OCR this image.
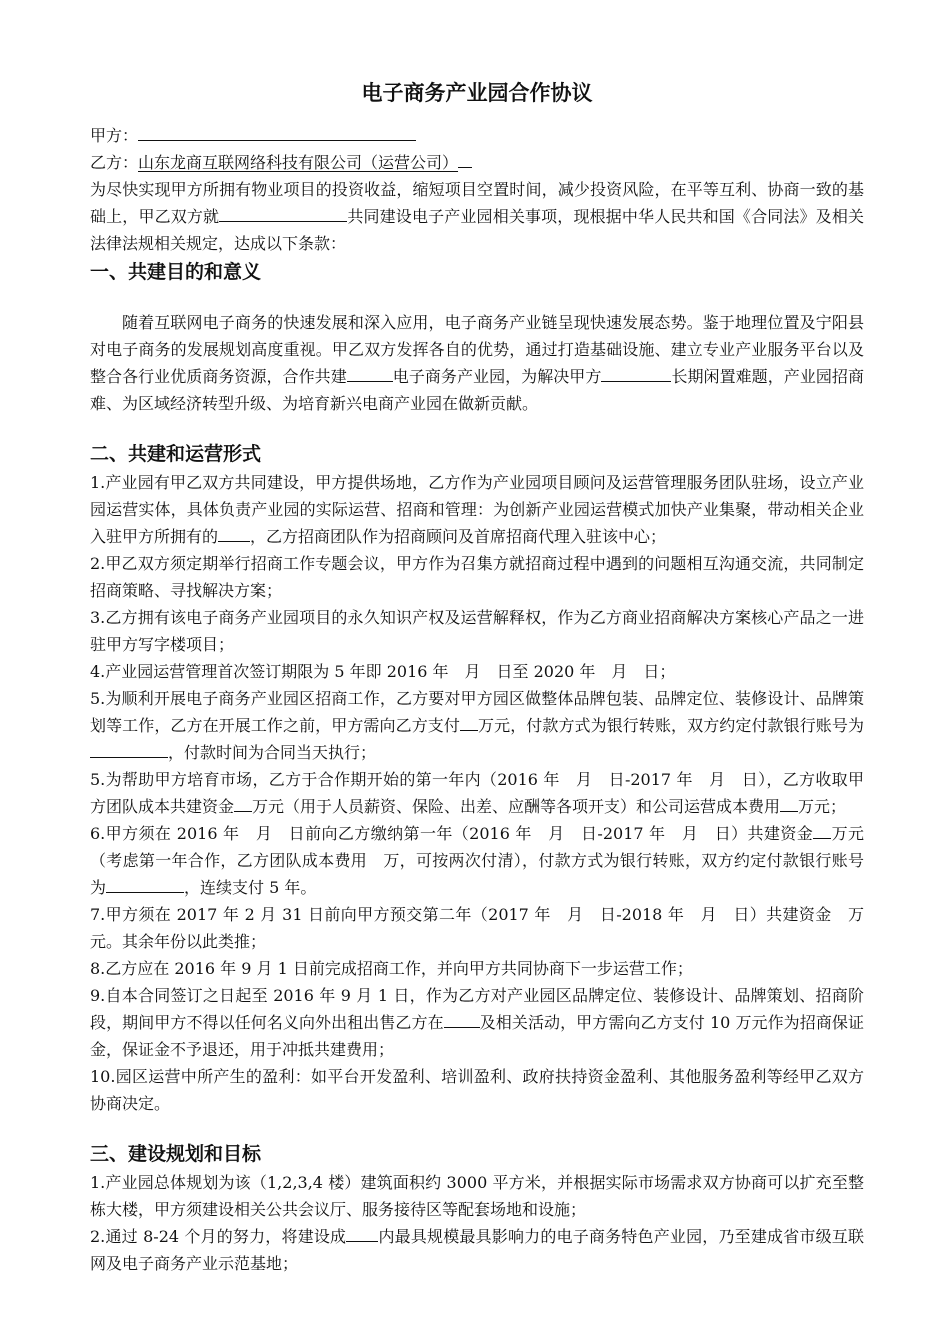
电子商务产业园合作协议

甲方：

乙方：山东龙商互联网络科技有限公司（运营公司）

为尽快实现甲方所拥有物业项目的投资收益，缩短项目空置时间，减少投资风险，在平等互利、协商一致的基础上，甲乙双方就	共同建设电子产业园相关事项，现根据中华人民共和国《合同法》及相关法律法规相关规定，达成以下条款：

一、共建目的和意义

随着互联网电子商务的快速发展和深入应用，电子商务产业链呈现快速发展态势。鉴于地理位置及宁阳县对电子商务的发展规划高度重视。甲乙双方发挥各自的优势，通过打造基础设施、建立专业产业服务平台以及整合各行业优质商务资源，合作共建	电子商务产业园，为解决甲方	长期闲置难题，产业园招商难、为区域经济转型升级、为培育新兴电商产业园在做新贡献。

二、共建和运营形式

1.产业园有甲乙双方共同建设，甲方提供场地，乙方作为产业园项目顾问及运营管理服务团队驻场，设立产业园运营实体，具体负责产业园的实际运营、招商和管理：为创新产业园运营模式加快产业集聚，带动相关企业入驻甲方所拥有的 ，乙方招商团队作为招商顾问及首席招商代理入驻该中心；

2.甲乙双方须定期举行招商工作专题会议，甲方作为召集方就招商过程中遇到的问题相互沟通交流，共同制定招商策略、寻找解决方案；

3.乙方拥有该电子商务产业园项目的永久知识产权及运营解释权，作为乙方商业招商解决方案核心产品之一进驻甲方写字楼项目；

4.产业园运营管理首次签订期限为 5 年即 2016 年　月　日至 2020 年　月　日；

5.为顺利开展电子商务产业园区招商工作，乙方要对甲方园区做整体品牌包装、品牌定位、装修设计、品牌策划等工作，乙方在开展工作之前，甲方需向乙方支付 万元，付款方式为银行转账，双方约定付款银行账号为，付款时间为合同当天执行；

5.为帮助甲方培育市场，乙方于合作期开始的第一年内（2016 年　月　日-2017 年　月　日），乙方收取甲方团队成本共建资金 万元（用于人员薪资、保险、出差、应酬等各项开支）和公司运营成本费用 万元；

6.甲方须在 2016 年　月　日前向乙方缴纳第一年（2016 年　月　日-2017 年　月　日）共建资金 万元（考虑第一年合作，乙方团队成本费用　万，可按两次付清），付款方式为银行转账，双方约定付款银行账号为	，连续支付 5 年。

7.甲方须在 2017 年 2 月 31 日前向甲方预交第二年（2017 年　月　日-2018 年　月　日）共建资金　万元。其余年份以此类推；

8.乙方应在 2016 年 9 月 1 日前完成招商工作，并向甲方共同协商下一步运营工作；

9.自本合同签订之日起至 2016 年 9 月 1 日，作为乙方对产业园区品牌定位、装修设计、品牌策划、招商阶段，期间甲方不得以任何名义向外出租出售乙方在 及相关活动，甲方需向乙方支付 10 万元作为招商保证金，保证金不予退还，用于冲抵共建费用；

10.园区运营中所产生的盈利：如平台开发盈利、培训盈利、政府扶持资金盈利、其他服务盈利等经甲乙双方协商决定。

三、建设规划和目标

1.产业园总体规划为该（1,2,3,4 楼）建筑面积约 3000 平方米，并根据实际市场需求双方协商可以扩充至整栋大楼，甲方须建设相关公共会议厅、服务接待区等配套场地和设施；

2.通过 8-24 个月的努力，将建设成 内最具规模最具影响力的电子商务特色产业园，乃至建成省市级互联网及电子商务产业示范基地；
